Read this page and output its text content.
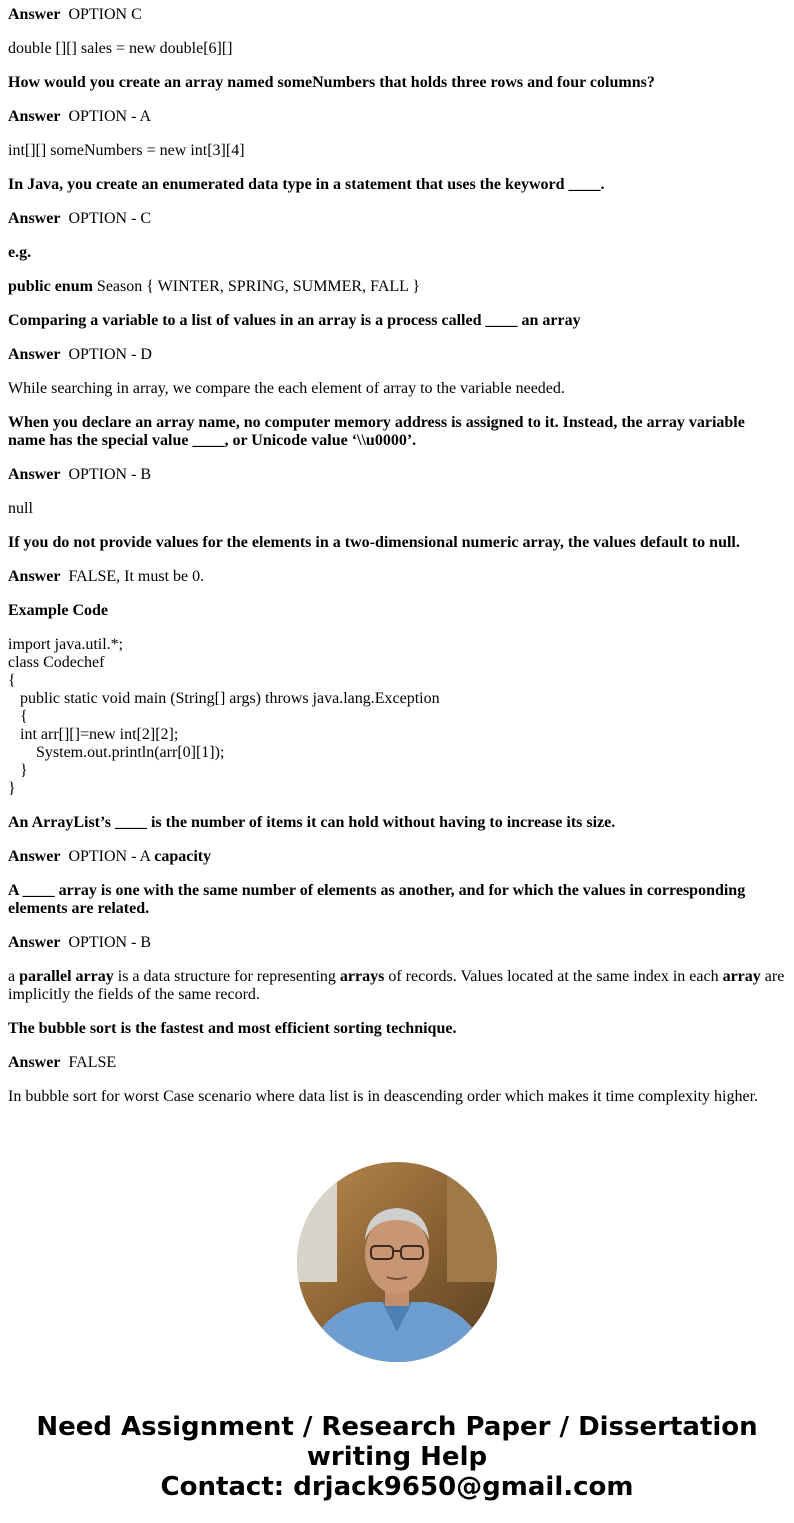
Answer OPTION C

double [][] sales = new double[6][]

How would you create an array named someNumbers that holds three rows and four columns?

Answer OPTION - A

int[][] someNumbers = new int[3][4]

In Java, you create an enumerated data type in a statement that uses the keyword ____.

Answer OPTION - C

e.g.

public enum Season { WINTER, SPRING, SUMMER, FALL }

Comparing a variable to a list of values in an array is a process called ____ an array

Answer OPTION - D

While searching in array, we compare the each element of array to the variable needed.

When you declare an array name, no computer memory address is assigned to it. Instead, the array variable name has the special value ____, or Unicode value ‘\\u0000’.

Answer OPTION - B

null

If you do not provide values for the elements in a two-dimensional numeric array, the values default to null.

Answer FALSE, It must be 0.

Example Code

import java.util.*;
class Codechef
{
public static void main (String[] args) throws java.lang.Exception
{
int arr[][]=new int[2][2];
System.out.println(arr[0][1]);
}
}

An ArrayList’s ____ is the number of items it can hold without having to increase its size.

Answer OPTION - A capacity

A ____ array is one with the same number of elements as another, and for which the values in corresponding elements are related.

Answer OPTION - B

a parallel array is a data structure for representing arrays of records. Values located at the same index in each array are implicitly the fields of the same record.

The bubble sort is the fastest and most efficient sorting technique.

Answer FALSE

In bubble sort for worst Case scenario where data list is in deascending order which makes it time complexity higher.

Need Assignment / Research Paper / Dissertation writing Help
Contact: drjack9650@gmail.com
